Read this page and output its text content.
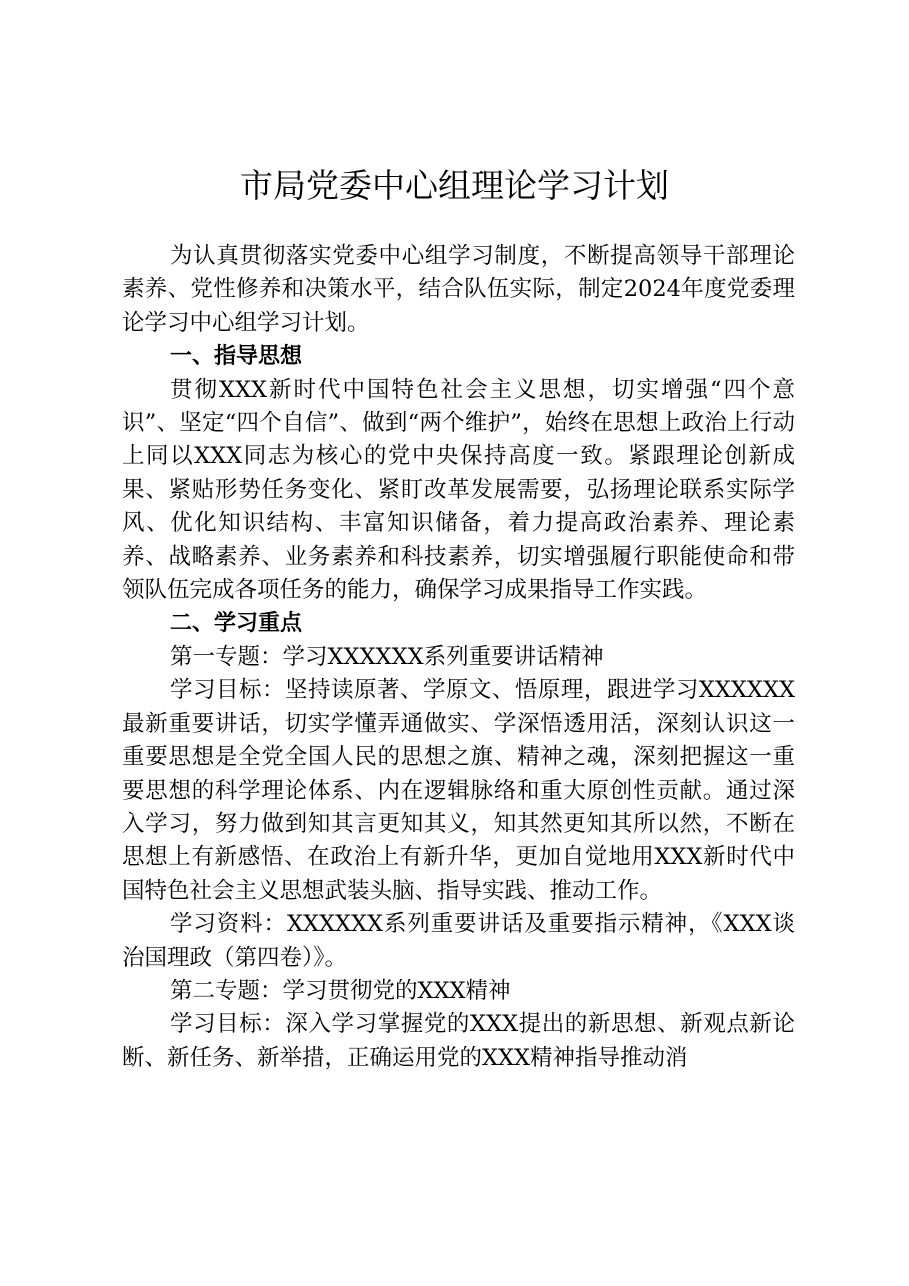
市局党委中心组理论学习计划

为认真贯彻落实党委中心组学习制度，不断提高领导干部理论素养、党性修养和决策水平，结合队伍实际，制定2024年度党委理论学习中心组学习计划。

一、指导思想

贯彻XXX新时代中国特色社会主义思想，切实增强“四个意识”、坚定“四个自信”、做到“两个维护”，始终在思想上政治上行动上同以XXX同志为核心的党中央保持高度一致。紧跟理论创新成果、紧贴形势任务变化、紧盯改革发展需要，弘扬理论联系实际学风、优化知识结构、丰富知识储备，着力提高政治素养、理论素养、战略素养、业务素养和科技素养，切实增强履行职能使命和带领队伍完成各项任务的能力，确保学习成果指导工作实践。

二、学习重点

第一专题：学习XXXXXX系列重要讲话精神

学习目标：坚持读原著、学原文、悟原理，跟进学习XXXXXX最新重要讲话，切实学懂弄通做实、学深悟透用活，深刻认识这一重要思想是全党全国人民的思想之旗、精神之魂，深刻把握这一重要思想的科学理论体系、内在逻辑脉络和重大原创性贡献。通过深入学习，努力做到知其言更知其义，知其然更知其所以然，不断在思想上有新感悟、在政治上有新升华，更加自觉地用XXX新时代中国特色社会主义思想武装头脑、指导实践、推动工作。

学习资料：XXXXXX系列重要讲话及重要指示精神，《XXX谈治国理政（第四卷）》。

第二专题：学习贯彻党的XXX精神

学习目标：深入学习掌握党的XXX提出的新思想、新观点新论断、新任务、新举措，正确运用党的XXX精神指导推动消
